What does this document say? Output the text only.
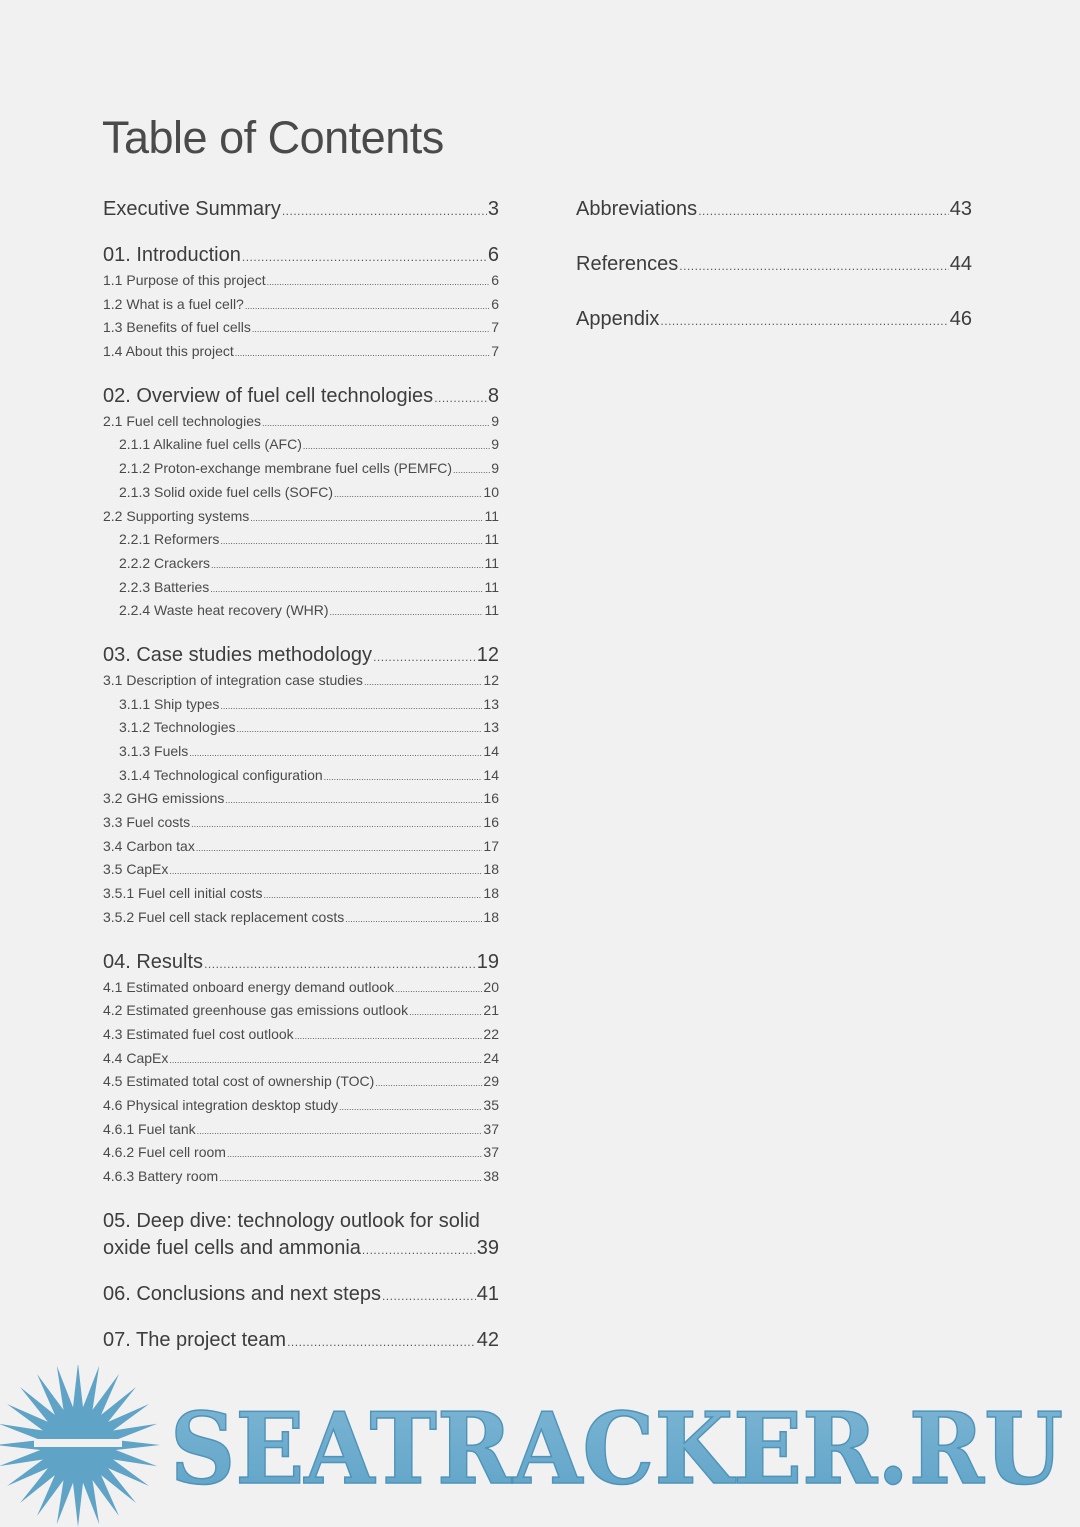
Table of Contents
Executive Summary .....	3
01. Introduction .....	6
1.1 Purpose of this project .....	6
1.2 What is a fuel cell? .....	6
1.3 Benefits of fuel cells .....	7
1.4 About this project .....	7
02. Overview of fuel cell technologies .....	8
2.1 Fuel cell technologies .....	9
2.1.1 Alkaline fuel cells (AFC) .....	9
2.1.2 Proton-exchange membrane fuel cells (PEMFC) .....	9
2.1.3 Solid oxide fuel cells (SOFC) .....	10
2.2 Supporting systems .....	11
2.2.1 Reformers .....	11
2.2.2 Crackers .....	11
2.2.3 Batteries .....	11
2.2.4 Waste heat recovery (WHR) .....	11
03. Case studies methodology .....	12
3.1 Description of integration case studies .....	12
3.1.1 Ship types .....	13
3.1.2 Technologies .....	13
3.1.3 Fuels .....	14
3.1.4 Technological configuration .....	14
3.2 GHG emissions .....	16
3.3 Fuel costs .....	16
3.4 Carbon tax .....	17
3.5 CapEx .....	18
3.5.1 Fuel cell initial costs .....	18
3.5.2 Fuel cell stack replacement costs .....	18
04. Results .....	19
4.1 Estimated onboard energy demand outlook .....	20
4.2 Estimated greenhouse gas emissions outlook .....	21
4.3 Estimated fuel cost outlook .....	22
4.4 CapEx .....	24
4.5 Estimated total cost of ownership (TOC) .....	29
4.6 Physical integration desktop study .....	35
4.6.1 Fuel tank .....	37
4.6.2 Fuel cell room .....	37
4.6.3 Battery room .....	38
05. Deep dive: technology outlook for solid
oxide fuel cells and ammonia .....	39
06. Conclusions and next steps .....	41
07. The project team .....	42
Abbreviations .....	43
References .....	44
Appendix .....	46
SEATRACKER.RU
